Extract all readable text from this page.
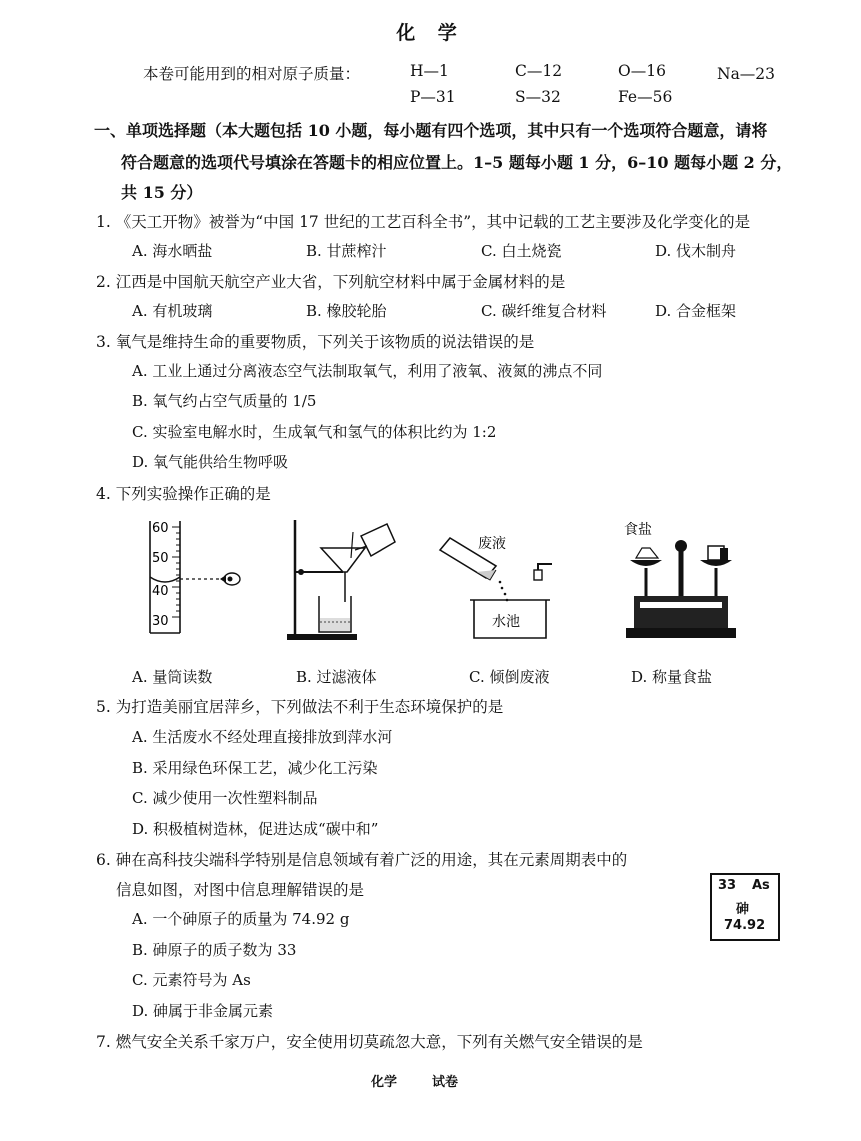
化 学
本卷可能用到的相对原子质量：	H—1	C—12	O—16	Na—23
P—31	S—32	Fe—56
一、单项选择题（本大题包括 10 小题，每小题有四个选项，其中只有一个选项符合题意，请将
符合题意的选项代号填涂在答题卡的相应位置上。1–5 题每小题 1 分，6–10 题每小题 2 分，
共 15 分）
1. 《天工开物》被誉为“中国 17 世纪的工艺百科全书”，其中记载的工艺主要涉及化学变化的是
A. 海水晒盐	B. 甘蔗榨汁	C. 白土烧瓷	D. 伐木制舟
2. 江西是中国航天航空产业大省，下列航空材料中属于金属材料的是
A. 有机玻璃	B. 橡胶轮胎	C. 碳纤维复合材料	D. 合金框架
3. 氧气是维持生命的重要物质，下列关于该物质的说法错误的是
A. 工业上通过分离液态空气法制取氧气，利用了液氧、液氮的沸点不同
B. 氧气约占空气质量的 1/5
C. 实验室电解水时，生成氧气和氢气的体积比约为 1:2
D. 氧气能供给生物呼吸
4. 下列实验操作正确的是
60
50
40
30
废液
水池
食盐
A. 量筒读数	B. 过滤液体	C. 倾倒废液	D. 称量食盐
5. 为打造美丽宜居萍乡，下列做法不利于生态环境保护的是
A. 生活废水不经处理直接排放到萍水河
B. 采用绿色环保工艺，减少化工污染
C. 减少使用一次性塑料制品
D. 积极植树造林，促进达成“碳中和”
6. 砷在高科技尖端科学特别是信息领域有着广泛的用途，其在元素周期表中的
信息如图，对图中信息理解错误的是
A. 一个砷原子的质量为 74.92 g
B. 砷原子的质子数为 33
C. 元素符号为 As
D. 砷属于非金属元素
33 As
砷
74.92
7. 燃气安全关系千家万户，安全使用切莫疏忽大意，下列有关燃气安全错误的是
化学	试卷
